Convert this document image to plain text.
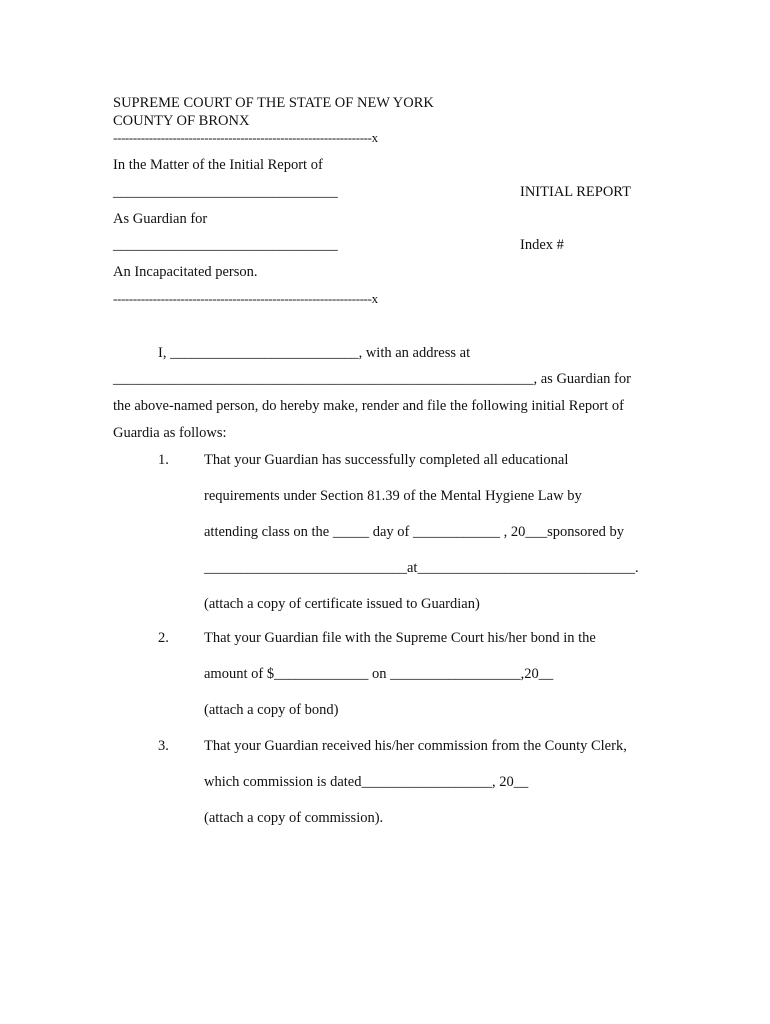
SUPREME COURT OF THE STATE OF NEW YORK
COUNTY OF BRONX
-----------------------------------------------------------------x
In the Matter of the Initial Report of
_______________________________	INITIAL REPORT
As Guardian for
_______________________________	Index #
An Incapacitated person.
-----------------------------------------------------------------x
I, __________________________, with an address at
__________________________________________________________, as Guardian for
the above-named person, do hereby make, render and file the following initial Report of
Guardia as follows:
1. That your Guardian has successfully completed all educational
requirements under Section 81.39 of the Mental Hygiene Law by
attending class on the _____ day of ____________ , 20___sponsored by
____________________________at______________________________.
(attach a copy of certificate issued to Guardian)
2. That your Guardian file with the Supreme Court his/her bond in the
amount of $_____________ on __________________,20__
(attach a copy of bond)
3. That your Guardian received his/her commission from the County Clerk,
which commission is dated__________________, 20__
(attach a copy of commission).
